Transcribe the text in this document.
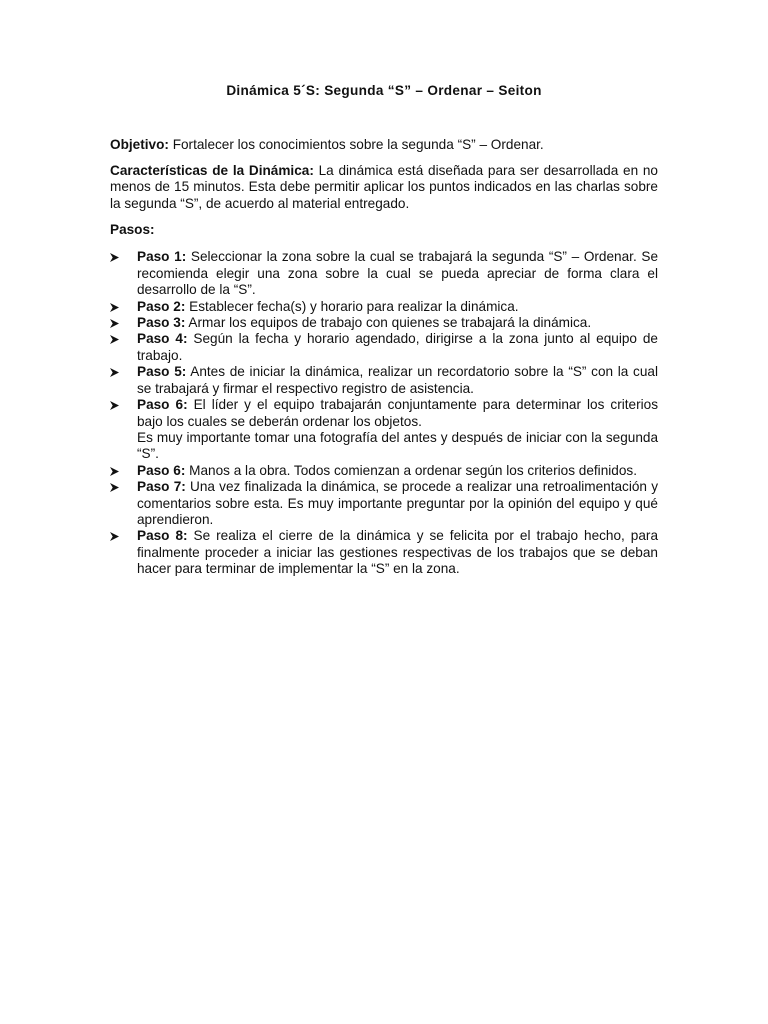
Dinámica 5´S: Segunda “S” – Ordenar – Seiton

Objetivo: Fortalecer los conocimientos sobre la segunda “S” – Ordenar.

Características de la Dinámica: La dinámica está diseñada para ser desarrollada en no menos de 15 minutos. Esta debe permitir aplicar los puntos indicados en las charlas sobre la segunda “S”, de acuerdo al material entregado.

Pasos:
Paso 1: Seleccionar la zona sobre la cual se trabajará la segunda “S” – Ordenar. Se recomienda elegir una zona sobre la cual se pueda apreciar de forma clara el desarrollo de la “S”.
Paso 2: Establecer fecha(s) y horario para realizar la dinámica.
Paso 3: Armar los equipos de trabajo con quienes se trabajará la dinámica.
Paso 4: Según la fecha y horario agendado, dirigirse a la zona junto al equipo de trabajo.
Paso 5: Antes de iniciar la dinámica, realizar un recordatorio sobre la “S” con la cual se trabajará y firmar el respectivo registro de asistencia.
Paso 6: El líder y el equipo trabajarán conjuntamente para determinar los criterios bajo los cuales se deberán ordenar los objetos.
Es muy importante tomar una fotografía del antes y después de iniciar con la segunda “S”.
Paso 6: Manos a la obra. Todos comienzan a ordenar según los criterios definidos.
Paso 7: Una vez finalizada la dinámica, se procede a realizar una retroalimentación y comentarios sobre esta. Es muy importante preguntar por la opinión del equipo y qué aprendieron.
Paso 8: Se realiza el cierre de la dinámica y se felicita por el trabajo hecho, para finalmente proceder a iniciar las gestiones respectivas de los trabajos que se deban hacer para terminar de implementar la “S” en la zona.
